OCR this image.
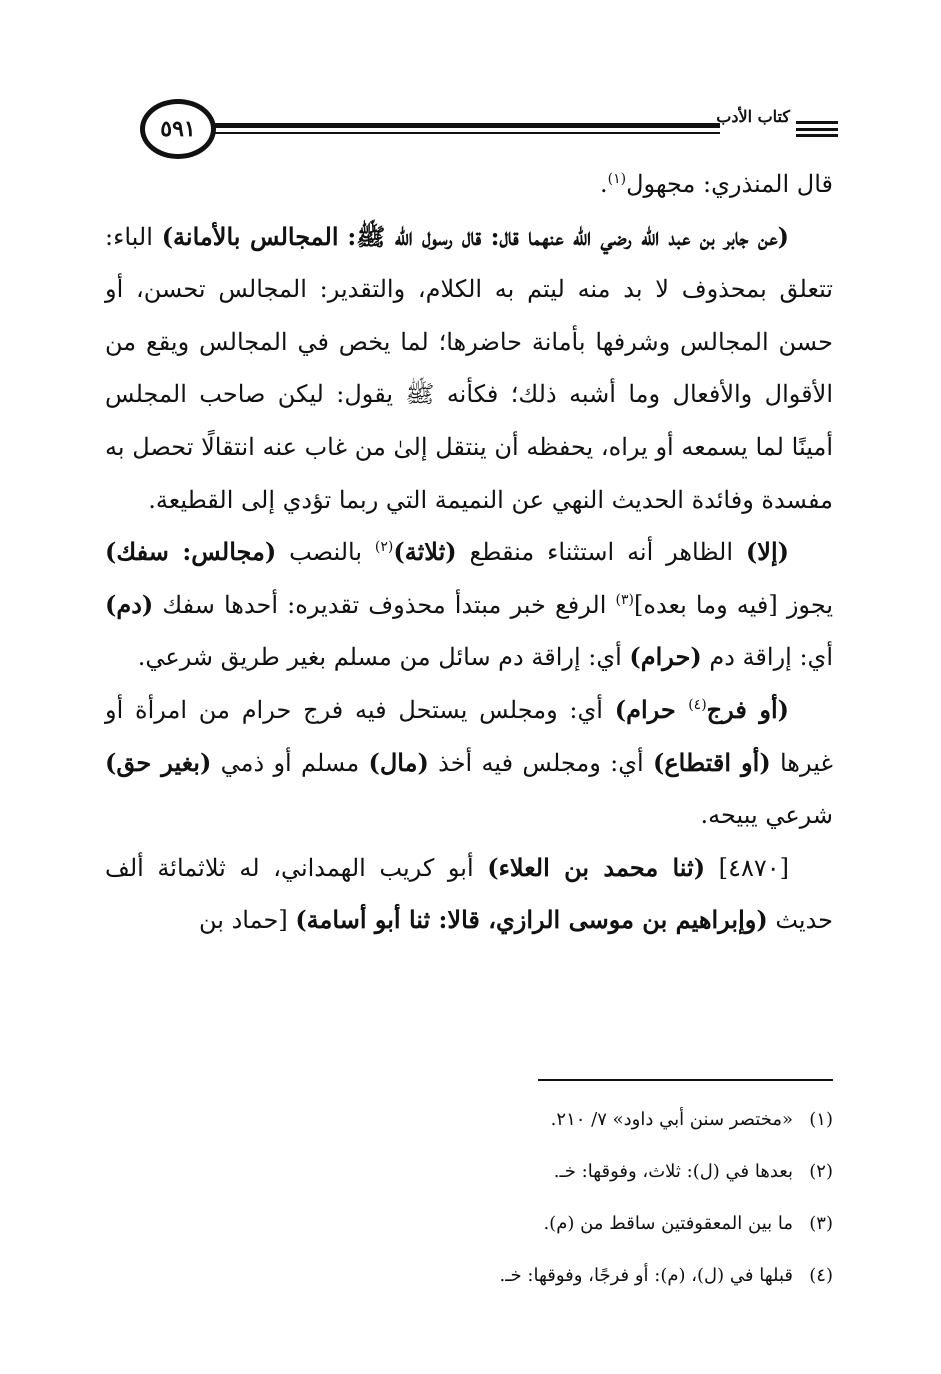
٥٩١	كتاب الأدب

قال المنذري: مجهول$^{(١)}$.

(عن جابر بن عبد الله رضي الله عنهما قال: قال رسول الله ﷺ: المجالس بالأمانة) الباء: تتعلق بمحذوف لا بد منه ليتم به الكلام، والتقدير: المجالس تحسن، أو حسن المجالس وشرفها بأمانة حاضرها؛ لما يخص في المجالس ويقع من الأقوال والأفعال وما أشبه ذلك؛ فكأنه ﷺ يقول: ليكن صاحب المجلس أمينًا لما يسمعه أو يراه، يحفظه أن ينتقل إلىٰ من غاب عنه انتقالًا تحصل به مفسدة وفائدة الحديث النهي عن النميمة التي ربما تؤدي إلى القطيعة.

(إلا) الظاهر أنه استثناء منقطع (ثلاثة)$^{(٢)}$ بالنصب (مجالس: سفك) يجوز [فيه وما بعده]$^{(٣)}$ الرفع خبر مبتدأ محذوف تقديره: أحدها سفك (دم) أي: إراقة دم (حرام) أي: إراقة دم سائل من مسلم بغير طريق شرعي.

(أو فرج$^{(٤)}$ حرام) أي: ومجلس يستحل فيه فرج حرام من امرأة أو غيرها (أو اقتطاع) أي: ومجلس فيه أخذ (مال) مسلم أو ذمي (بغير حق) شرعي يبيحه.

[٤٨٧٠] (ثنا محمد بن العلاء) أبو كريب الهمداني، له ثلاثمائة ألف حديث (وإبراهيم بن موسى الرازي، قالا: ثنا أبو أسامة) [حماد بن

(١)«مختصر سنن أبي داود» ٧/ ٢١٠.
(٢)بعدها في (ل): ثلاث، وفوقها: خـ.
(٣)ما بين المعقوفتين ساقط من (م).
(٤)قبلها في (ل)، (م): أو فرجًا، وفوقها: خـ.
